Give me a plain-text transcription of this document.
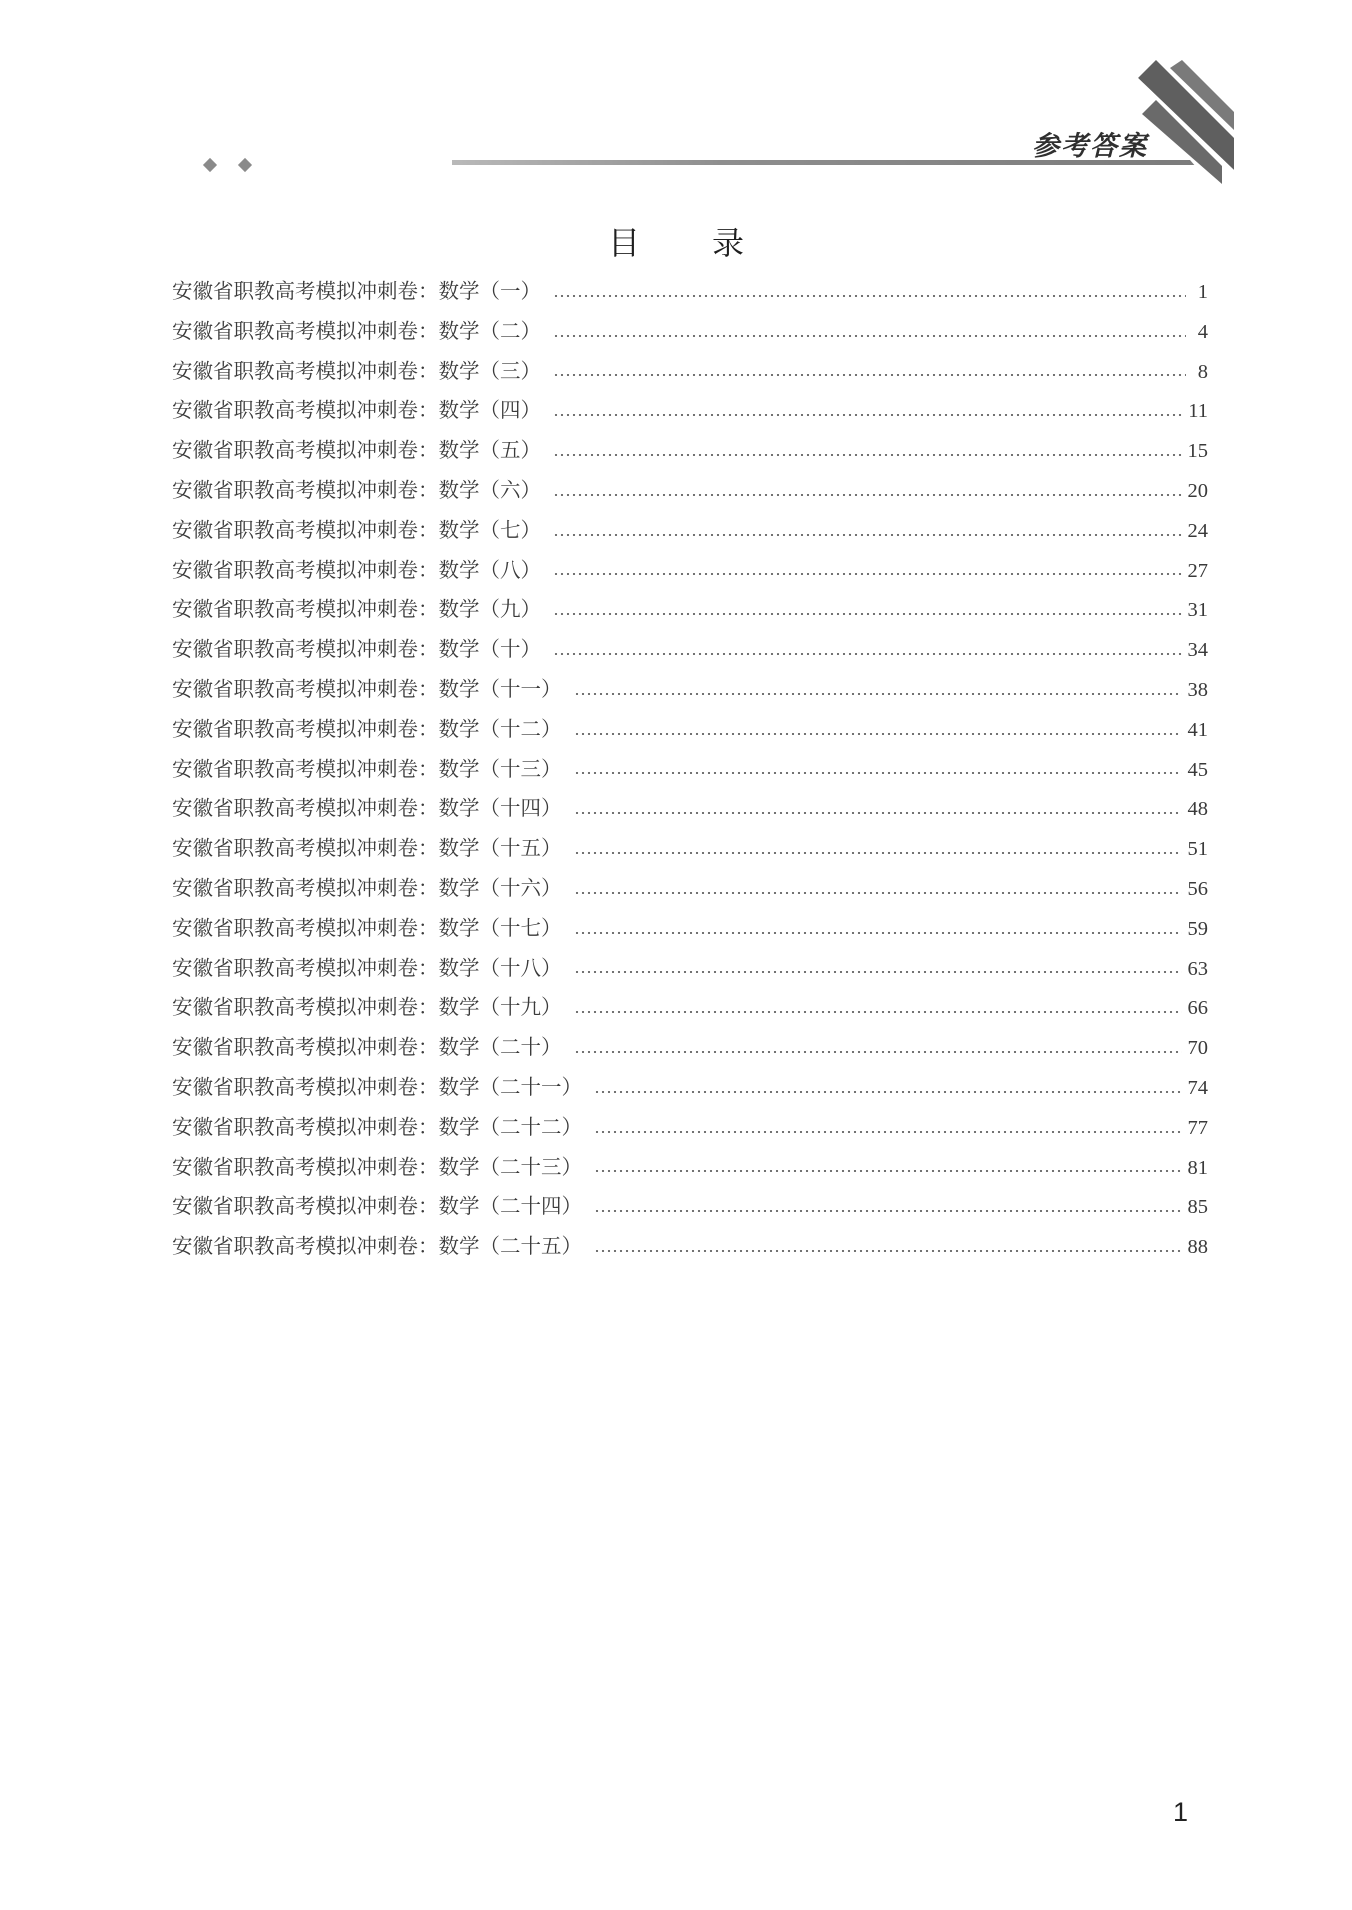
参考答案
目　录
安徽省职教高考模拟冲刺卷：数学（一）	1
安徽省职教高考模拟冲刺卷：数学（二）	4
安徽省职教高考模拟冲刺卷：数学（三）	8
安徽省职教高考模拟冲刺卷：数学（四）	11
安徽省职教高考模拟冲刺卷：数学（五）	15
安徽省职教高考模拟冲刺卷：数学（六）	20
安徽省职教高考模拟冲刺卷：数学（七）	24
安徽省职教高考模拟冲刺卷：数学（八）	27
安徽省职教高考模拟冲刺卷：数学（九）	31
安徽省职教高考模拟冲刺卷：数学（十）	34
安徽省职教高考模拟冲刺卷：数学（十一）	38
安徽省职教高考模拟冲刺卷：数学（十二）	41
安徽省职教高考模拟冲刺卷：数学（十三）	45
安徽省职教高考模拟冲刺卷：数学（十四）	48
安徽省职教高考模拟冲刺卷：数学（十五）	51
安徽省职教高考模拟冲刺卷：数学（十六）	56
安徽省职教高考模拟冲刺卷：数学（十七）	59
安徽省职教高考模拟冲刺卷：数学（十八）	63
安徽省职教高考模拟冲刺卷：数学（十九）	66
安徽省职教高考模拟冲刺卷：数学（二十）	70
安徽省职教高考模拟冲刺卷：数学（二十一）	74
安徽省职教高考模拟冲刺卷：数学（二十二）	77
安徽省职教高考模拟冲刺卷：数学（二十三）	81
安徽省职教高考模拟冲刺卷：数学（二十四）	85
安徽省职教高考模拟冲刺卷：数学（二十五）	88
1
